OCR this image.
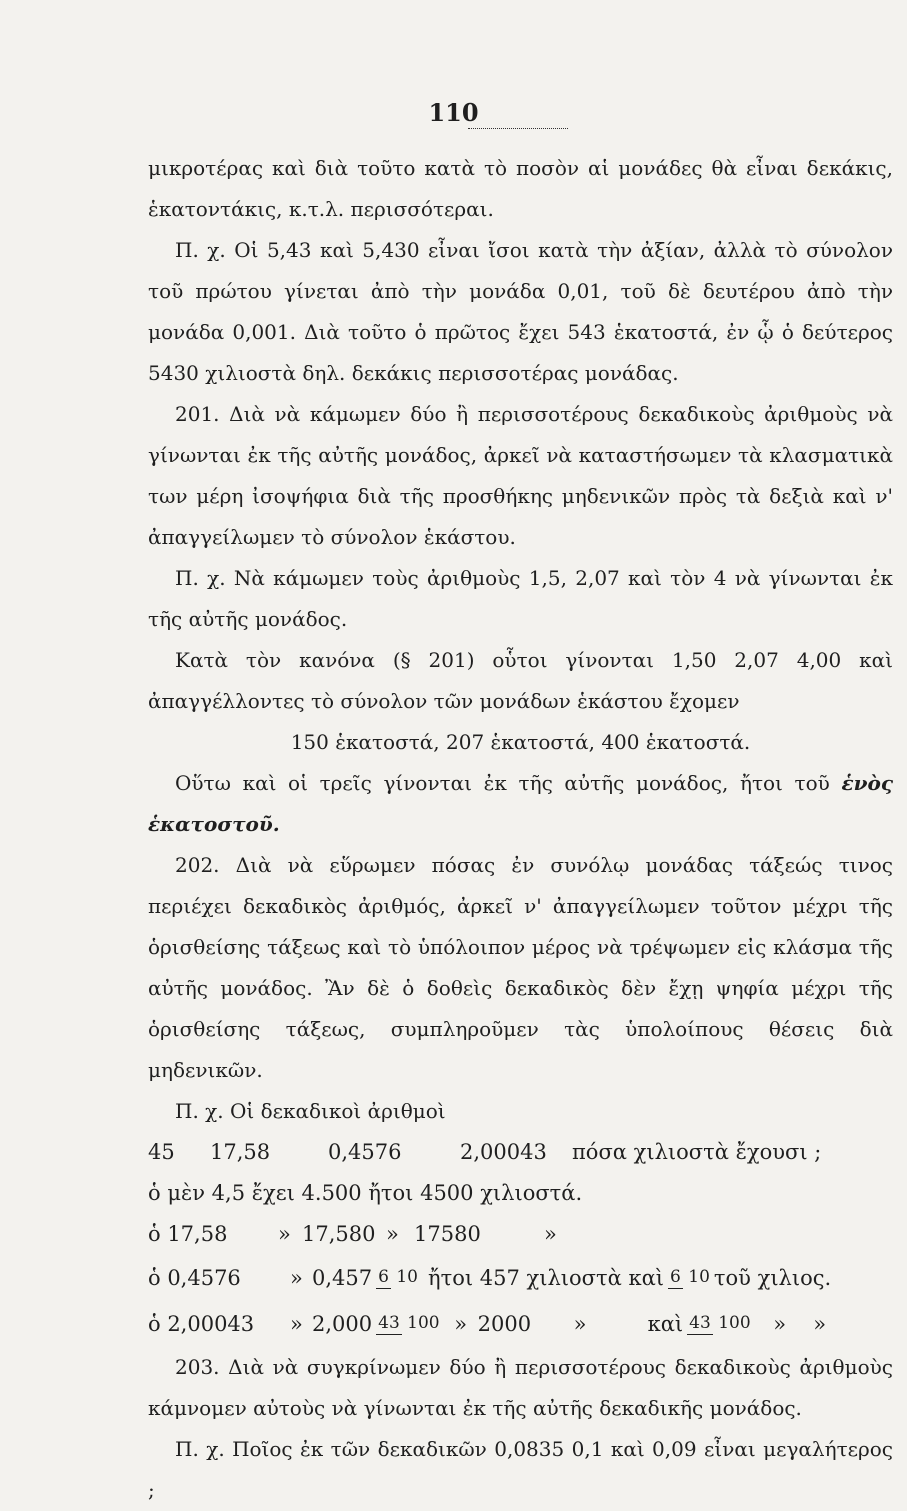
110

μικροτέρας καὶ διὰ τοῦτο κατὰ τὸ ποσὸν αἱ μονάδες θὰ εἶναι δεκάκις, ἑκατοντάκις, κ.τ.λ. περισσότεραι.

Π. χ. Οἱ 5,43 καὶ 5,430 εἶναι ἴσοι κατὰ τὴν ἀξίαν, ἀλλὰ τὸ σύνολον τοῦ πρώτου γίνεται ἀπὸ τὴν μονάδα 0,01, τοῦ δὲ δευτέρου ἀπὸ τὴν μονάδα 0,001. Διὰ τοῦτο ὁ πρῶτος ἔχει 543 ἑκατοστά, ἐν ᾧ ὁ δεύτερος 5430 χιλιοστὰ δηλ. δεκάκις περισσοτέρας μονάδας.

201. Διὰ νὰ κάμωμεν δύο ἢ περισσοτέρους δεκαδικοὺς ἀριθμοὺς νὰ γίνωνται ἐκ τῆς αὐτῆς μονάδος, ἀρκεῖ νὰ καταστήσωμεν τὰ κλασματικὰ των μέρη ἰσοψήφια διὰ τῆς προσθήκης μηδενικῶν πρὸς τὰ δεξιὰ καὶ ν' ἀπαγγείλωμεν τὸ σύνολον ἑκάστου.

Π. χ. Νὰ κάμωμεν τοὺς ἀριθμοὺς 1,5, 2,07 καὶ τὸν 4 νὰ γίνωνται ἐκ τῆς αὐτῆς μονάδος.

Κατὰ τὸν κανόνα (§ 201) οὗτοι γίνονται 1,50 2,07 4,00 καὶ ἀπαγγέλλοντες τὸ σύνολον τῶν μονάδων ἑκάστου ἔχομεν

150 ἑκατοστά, 207 ἑκατοστά, 400 ἑκατοστά.

Οὕτω καὶ οἱ τρεῖς γίνονται ἐκ τῆς αὐτῆς μονάδος, ἤτοι τοῦ ἑνὸς ἑκατοστοῦ.

202. Διὰ νὰ εὕρωμεν πόσας ἐν συνόλῳ μονάδας τάξεώς τινος περιέχει δεκαδικὸς ἀριθμός, ἀρκεῖ ν' ἀπαγγείλωμεν τοῦτον μέχρι τῆς ὁρισθείσης τάξεως καὶ τὸ ὑπόλοιπον μέρος νὰ τρέψωμεν εἰς κλάσμα τῆς αὐτῆς μονάδος. Ἂν δὲ ὁ δοθεὶς δεκαδικὸς δὲν ἔχῃ ψηφία μέχρι τῆς ὁρισθείσης τάξεως, συμπληροῦμεν τὰς ὑπολοίπους θέσεις διὰ μηδενικῶν.

Π. χ. Οἱ δεκαδικοὶ ἀριθμοὶ

45	17,58	0,4576	2,00043	πόσα χιλιοστὰ ἔχουσι ;
ὁ μὲν 4,5 ἔχει 4.500 ἤτοι 4500 χιλιοστά.
ὁ 17,58	» 17,580 » 17580	»
ὁ 0,4576	» 0,457 6 10 ἤτοι 457 χιλιοστὰ καὶ 6 10 τοῦ χιλιος.
ὁ 2,00043	» 2,000 43 100 » 2000	»	καὶ 43 100	»	»

203. Διὰ νὰ συγκρίνωμεν δύο ἢ περισσοτέρους δεκαδικοὺς ἀριθμοὺς κάμνομεν αὐτοὺς νὰ γίνωνται ἐκ τῆς αὐτῆς δεκαδικῆς μονάδος.

Π. χ. Ποῖος ἐκ τῶν δεκαδικῶν 0,0835 0,1 καὶ 0,09 εἶναι μεγαλήτερος ;
